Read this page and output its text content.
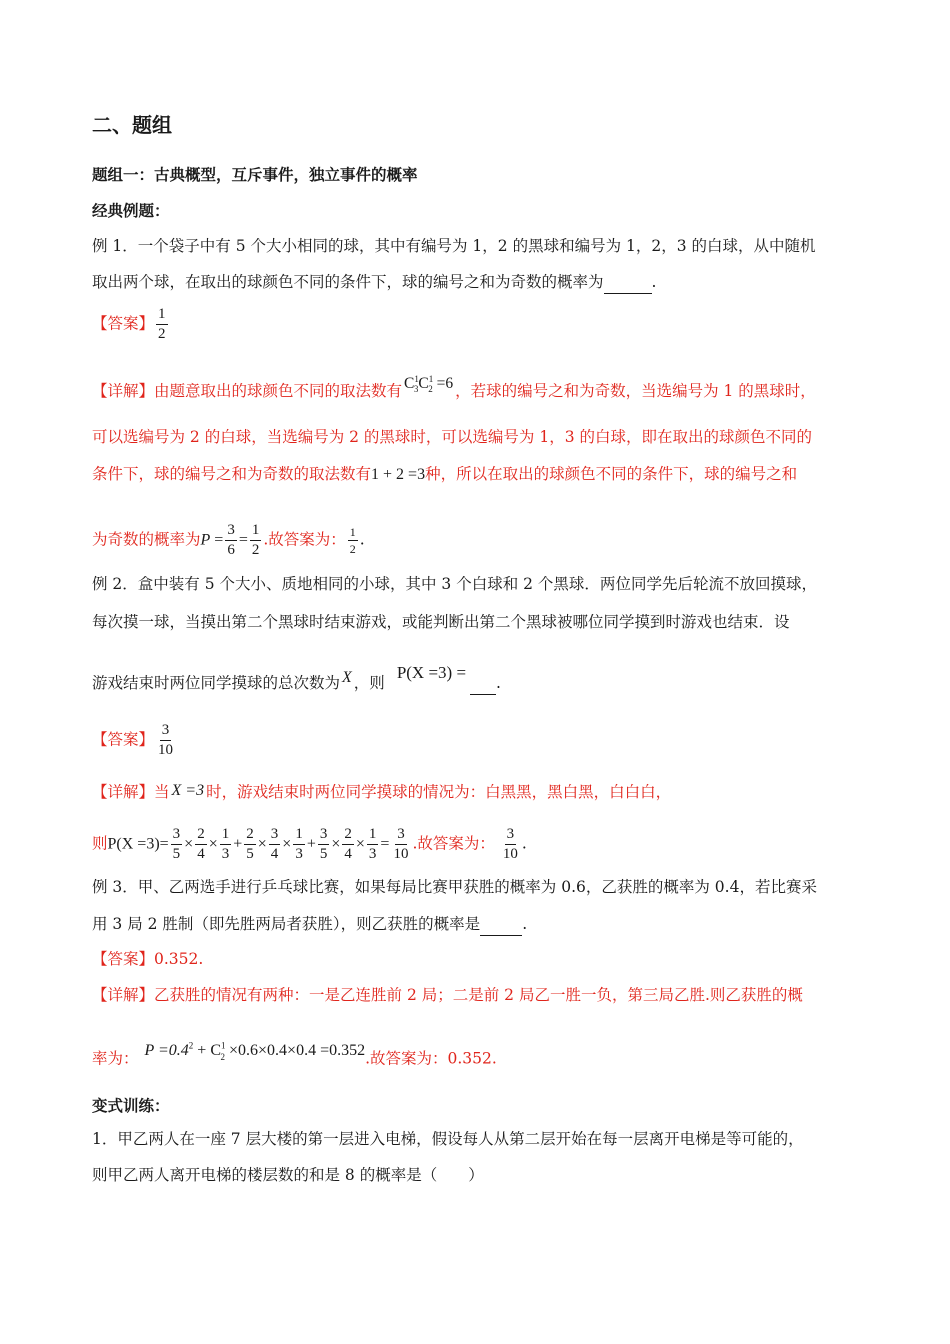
二、题组
题组一：古典概型，互斥事件，独立事件的概率
经典例题：
例 1．一个袋子中有 5 个大小相同的球，其中有编号为 1，2 的黑球和编号为 1，2，3 的白球，从中随机
取出两个球，在取出的球颜色不同的条件下，球的编号之和为奇数的概率为	.
【答案】 $\frac{1}{2}$
【详解】由题意取出的球颜色不同的取法数有 $C^1_3C^1_2 =6$ ，若球的编号之和为奇数，当选编号为 1 的黑球时，
可以选编号为 2 的白球，当选编号为 2 的黑球时，可以选编号为 1，3 的白球，即在取出的球颜色不同的
条件下，球的编号之和为奇数的取法数有1 + 2 =3种，所以在取出的球颜色不同的条件下，球的编号之和
为奇数的概率为$P = \frac{3}{6} = \frac{1}{2}$ .故答案为： $\frac{1}{2}$ .
例 2．盒中装有 5 个大小、质地相同的小球，其中 3 个白球和 2 个黑球．两位同学先后轮流不放回摸球，
每次摸一球，当摸出第二个黑球时结束游戏，或能判断出第二个黑球被哪位同学摸到时游戏也结束．设
游戏结束时两位同学摸球的总次数为 X ，则P(X =3) = .
【答案】 $\frac{3}{10}$
【详解】当 X =3 时，游戏结束时两位同学摸球的情况为：白黑黑，黑白黑，白白白，
则$P(X =3)= \frac{3}{5} \times \frac{2}{4} \times \frac{1}{3} + \frac{2}{5} \times \frac{3}{4} \times \frac{1}{3} + \frac{3}{5} \times \frac{2}{4} \times \frac{1}{3} = \frac{3}{10}$ .故答案为： $\frac{3}{10}$ .
例 3．甲、乙两选手进行乒乓球比赛，如果每局比赛甲获胜的概率为 0.6，乙获胜的概率为 0.4，若比赛采
用 3 局 2 胜制（即先胜两局者获胜），则乙获胜的概率是	.
【答案】0.352.
【详解】乙获胜的情况有两种：一是乙连胜前 2 局；二是前 2 局乙一胜一负，第三局乙胜.则乙获胜的概
率为： $P =0.4^2 + C^1_2 \times 0.6\times 0.4\times 0.4 =0.352$.故答案为：0.352.
变式训练：
1．甲乙两人在一座 7 层大楼的第一层进入电梯，假设每人从第二层开始在每一层离开电梯是等可能的，
则甲乙两人离开电梯的楼层数的和是 8 的概率是（　　）
